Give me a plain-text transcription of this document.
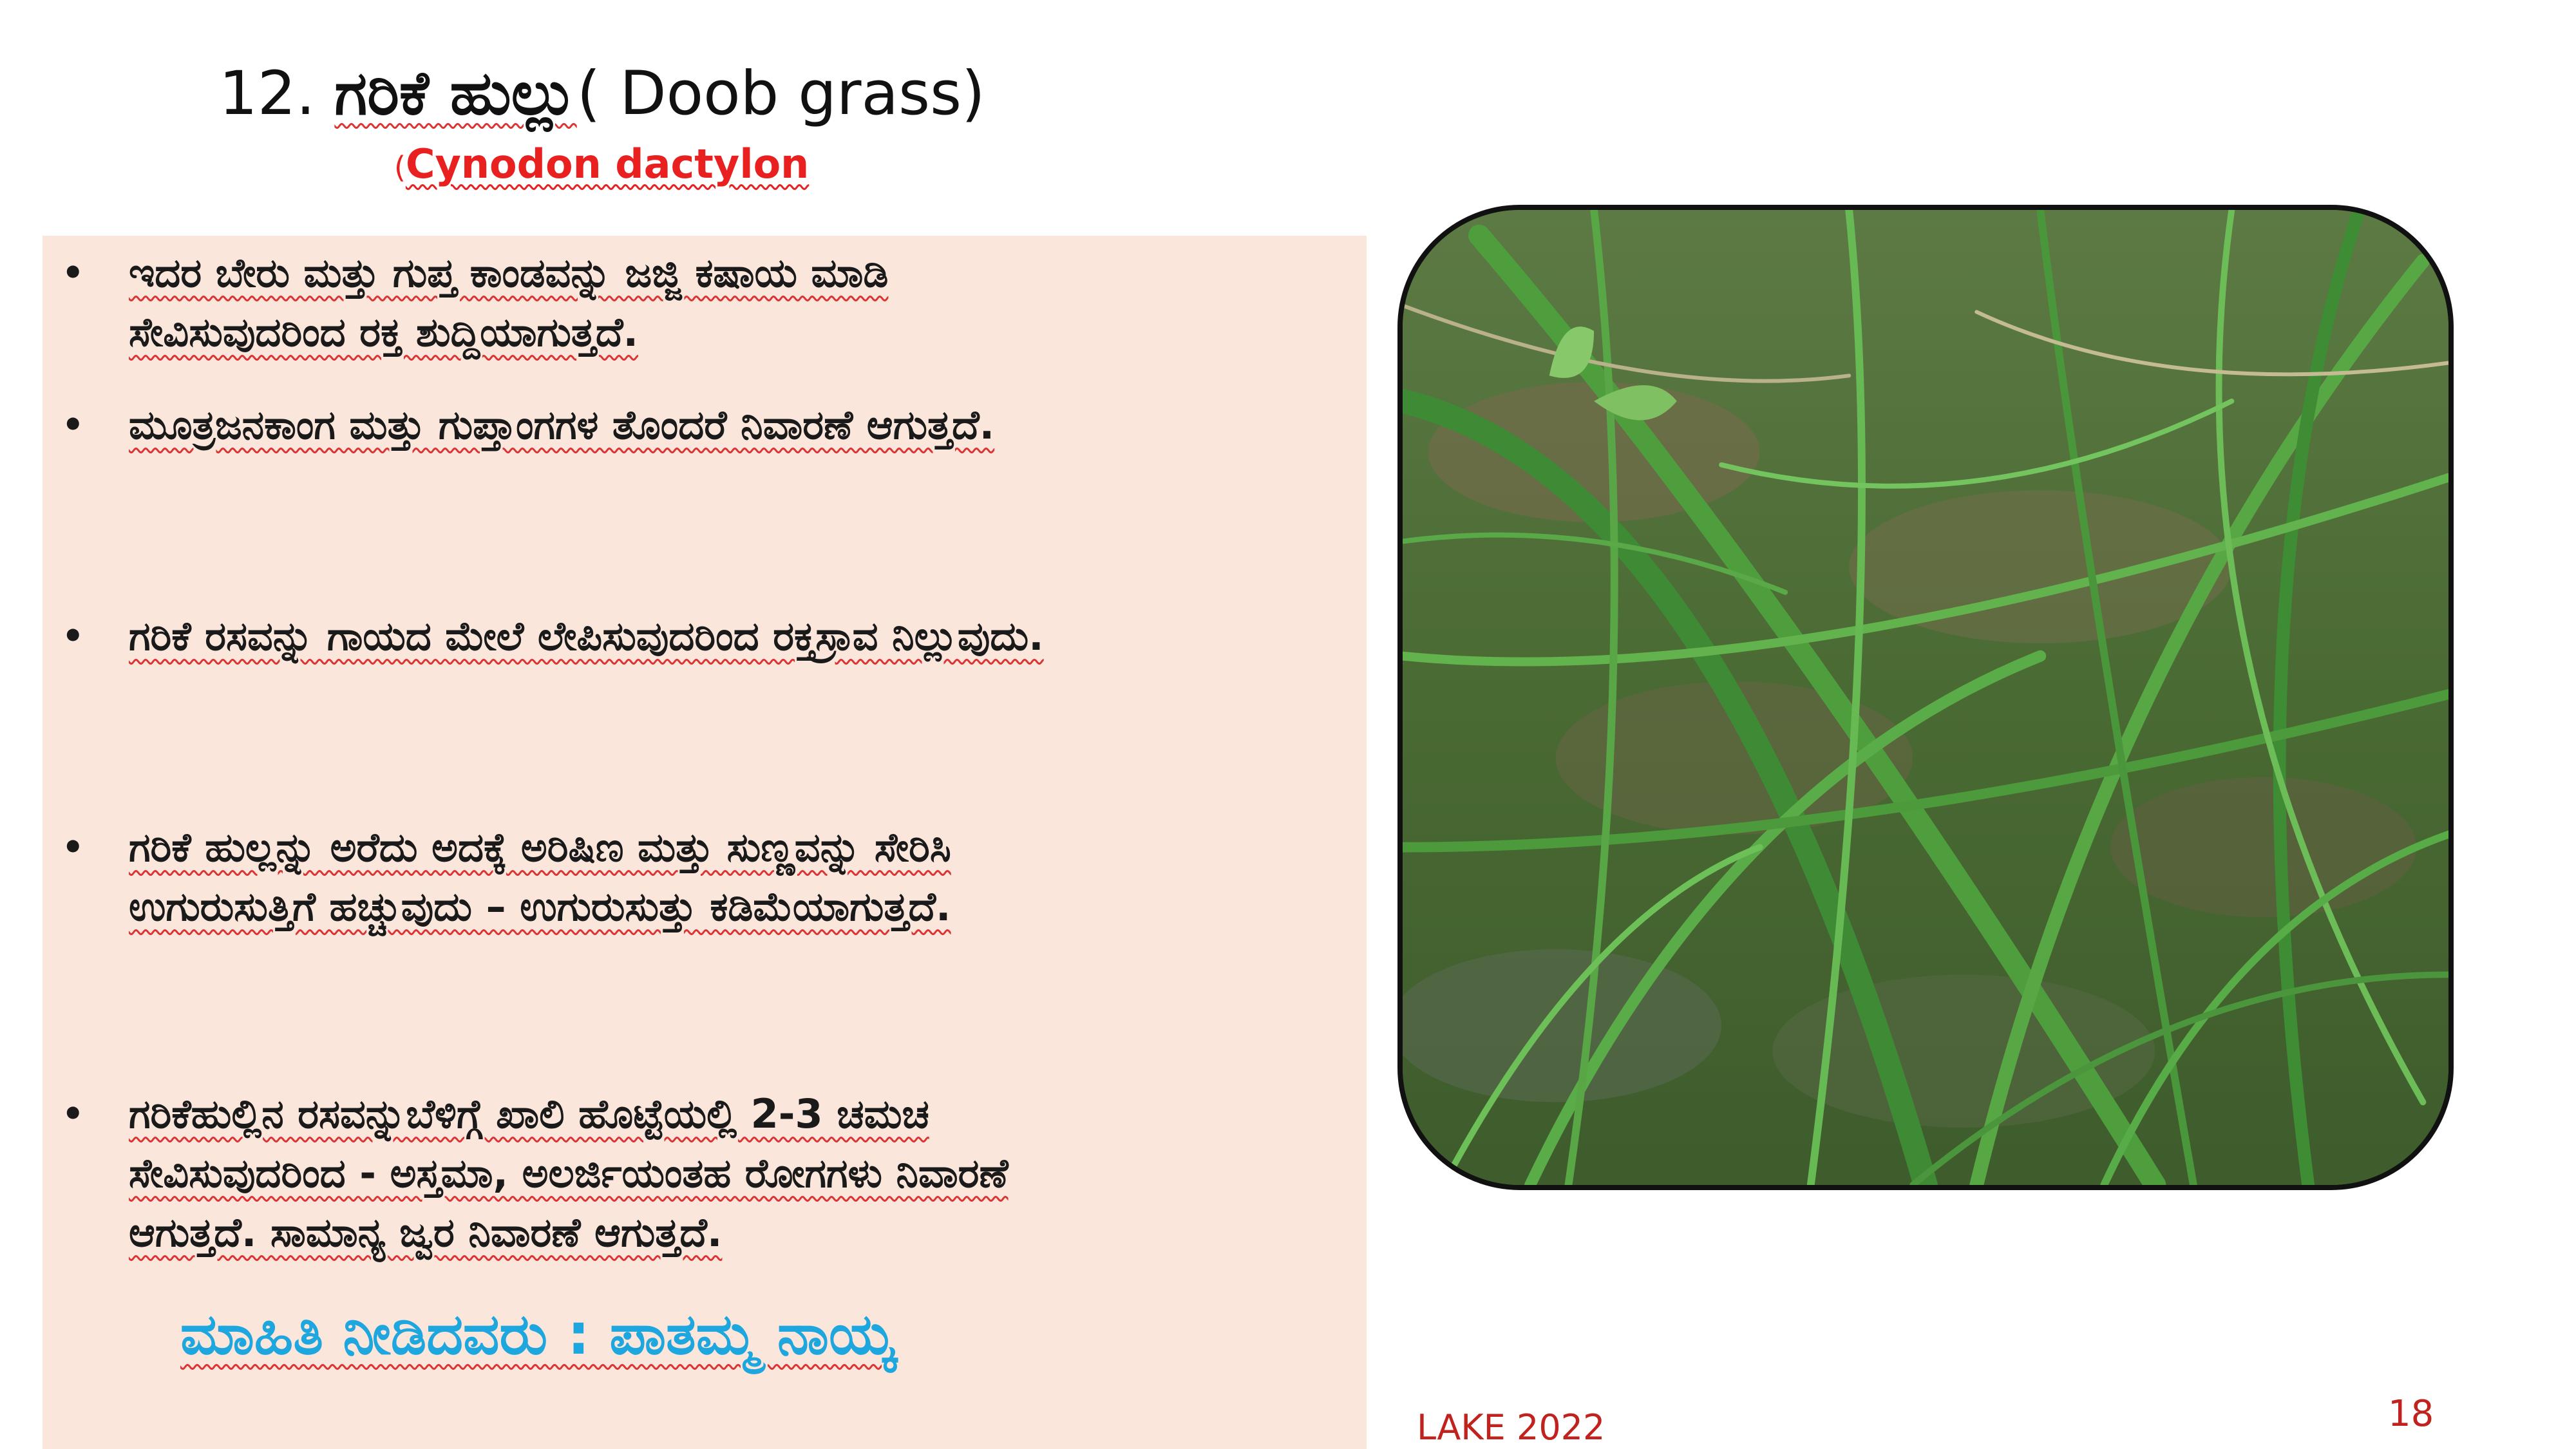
12. ಗರಿಕೆ ಹುಲ್ಲು( Doob grass)
(Cynodon dactylon
• ಇದರ ಬೇರು ಮತ್ತು ಗುಪ್ತ ಕಾಂಡವನ್ನು ಜಜ್ಜಿ ಕಷಾಯ ಮಾಡಿ
ಸೇವಿಸುವುದರಿಂದ ರಕ್ತ ಶುದ್ದಿಯಾಗುತ್ತದೆ.
• ಮೂತ್ರಜನಕಾಂಗ ಮತ್ತು ಗುಪ್ತಾಂಗಗಳ ತೊಂದರೆ ನಿವಾರಣೆ ಆಗುತ್ತದೆ.
• ಗರಿಕೆ ರಸವನ್ನು ಗಾಯದ ಮೇಲೆ ಲೇಪಿಸುವುದರಿಂದ ರಕ್ತಸ್ರಾವ ನಿಲ್ಲುವುದು.
• ಗರಿಕೆ ಹುಲ್ಲನ್ನು ಅರೆದು ಅದಕ್ಕೆ ಅರಿಷಿಣ ಮತ್ತು ಸುಣ್ಣವನ್ನು ಸೇರಿಸಿ
ಉಗುರುಸುತ್ತಿಗೆ ಹಚ್ಚುವುದು – ಉಗುರುಸುತ್ತು ಕಡಿಮೆಯಾಗುತ್ತದೆ.
• ಗರಿಕೆಹುಲ್ಲಿನ ರಸವನ್ನುಬೆಳಿಗ್ಗೆ ಖಾಲಿ ಹೊಟ್ಟೆಯಲ್ಲಿ 2-3 ಚಮಚ
ಸೇವಿಸುವುದರಿಂದ - ಅಸ್ತಮಾ, ಅಲರ್ಜಿಯಂತಹ ರೋಗಗಳು ನಿವಾರಣೆ
ಆಗುತ್ತದೆ. ಸಾಮಾನ್ಯ ಜ್ವರ ನಿವಾರಣೆ ಆಗುತ್ತದೆ.
ಮಾಹಿತಿ ನೀಡಿದವರು : ಪಾತಮ್ಮ ನಾಯ್ಕ
LAKE 2022	18
